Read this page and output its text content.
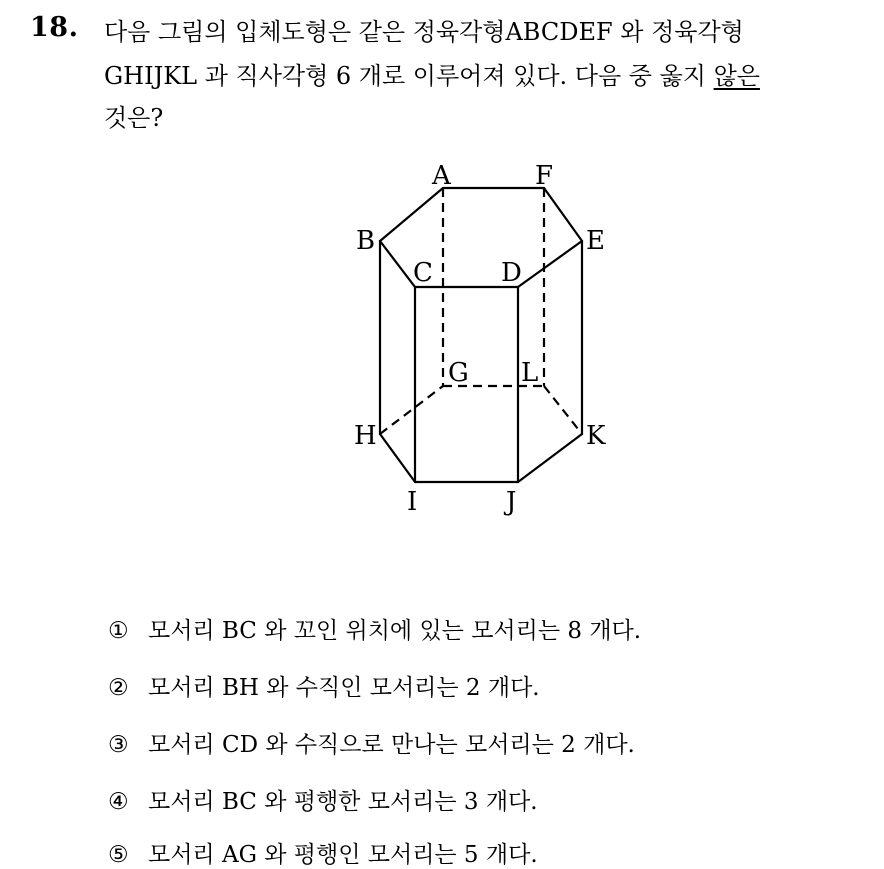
18. 다음 그림의 입체도형은 같은 정육각형ABCDEF 와 정육각형
GHIJKL 과 직사각형 6 개로 이루어져 있다. 다음 중 옳지 않은
것은?
A	F
B	E
C	D
G L
H	K
I	J
① 모서리 BC 와 꼬인 위치에 있는 모서리는 8 개다.
② 모서리 BH 와 수직인 모서리는 2 개다.
③ 모서리 CD 와 수직으로 만나는 모서리는 2 개다.
④ 모서리 BC 와 평행한 모서리는 3 개다.
⑤ 모서리 AG 와 평행인 모서리는 5 개다.
